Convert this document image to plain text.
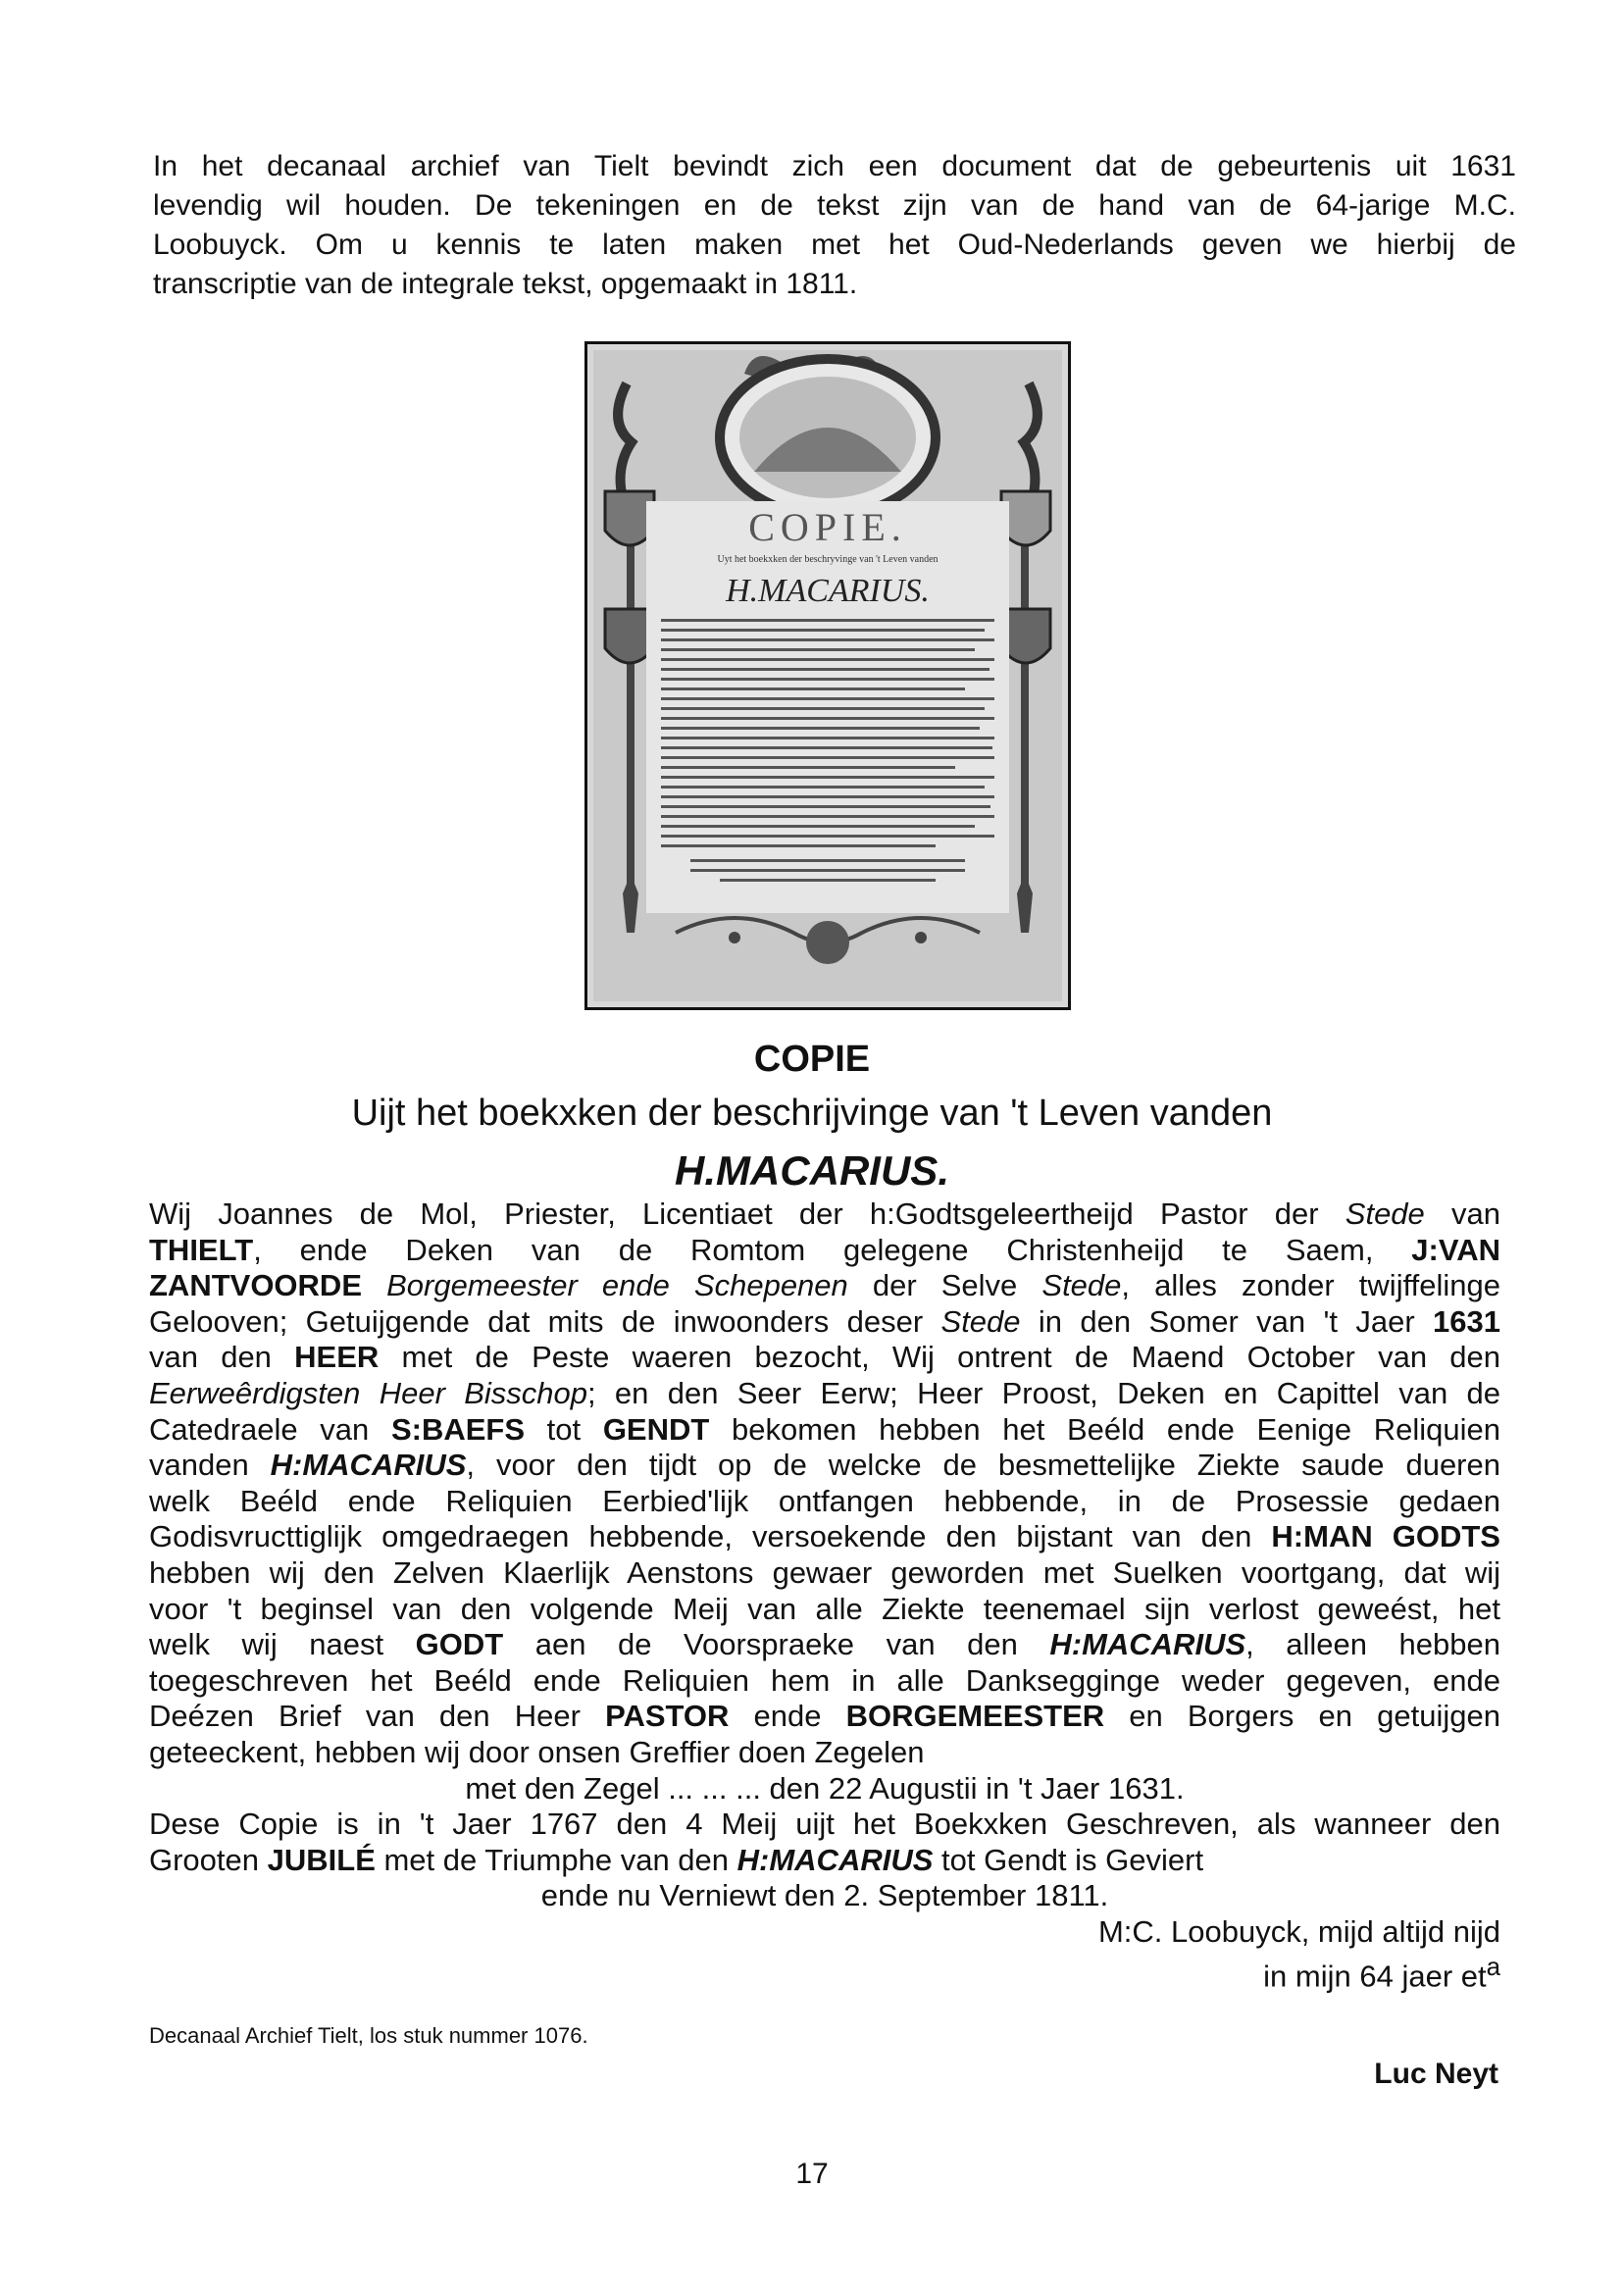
In het decanaal archief van Tielt bevindt zich een document dat de gebeurtenis uit 1631
levendig wil houden. De tekeningen en de tekst zijn van de hand van de 64-jarige M.C.
Loobuyck. Om u kennis te laten maken met het Oud-Nederlands geven we hierbij de
transcriptie van de integrale tekst, opgemaakt in 1811.
COPIE.
Uyt het boekxken der beschryvinge van 't Leven vanden
H.MACARIUS.
COPIE
Uijt het boekxken der beschrijvinge van 't Leven vanden
H.MACARIUS.
Wij Joannes de Mol, Priester, Licentiaet der h:Godtsgeleertheijd Pastor der Stede van
THIELT, ende Deken van de Romtom gelegene Christenheijd te Saem, J:VAN
ZANTVOORDE Borgemeester ende Schepenen der Selve Stede, alles zonder twijffelinge
Gelooven; Getuijgende dat mits de inwoonders deser Stede in den Somer van 't Jaer 1631
van den HEER met de Peste waeren bezocht, Wij ontrent de Maend October van den
Eerweêrdigsten Heer Bisschop; en den Seer Eerw; Heer Proost, Deken en Capittel van de
Catedraele van S:BAEFS tot GENDT bekomen hebben het Beéld ende Eenige Reliquien
vanden H:MACARIUS, voor den tijdt op de welcke de besmettelijke Ziekte saude dueren
welk Beéld ende Reliquien Eerbied'lijk ontfangen hebbende, in de Prosessie gedaen
Godisvructtiglijk omgedraegen hebbende, versoekende den bijstant van den H:MAN GODTS
hebben wij den Zelven Klaerlijk Aenstons gewaer geworden met Suelken voortgang, dat wij
voor 't beginsel van den volgende Meij van alle Ziekte teenemael sijn verlost geweést, het
welk wij naest GODT aen de Voorspraeke van den H:MACARIUS, alleen hebben
toegeschreven het Beéld ende Reliquien hem in alle Danksegginge weder gegeven, ende
Deézen Brief van den Heer PASTOR ende BORGEMEESTER en Borgers en getuijgen
geteeckent, hebben wij door onsen Greffier doen Zegelen
met den Zegel ... ... ... den 22 Augustii in 't Jaer 1631.
Dese Copie is in 't Jaer 1767 den 4 Meij uijt het Boekxken Geschreven, als wanneer den
Grooten JUBILÉ met de Triumphe van den H:MACARIUS tot Gendt is Geviert
ende nu Verniewt den 2. September 1811.
M:C. Loobuyck, mijd altijd nijd
in mijn 64 jaer $et^a$
Decanaal Archief Tielt, los stuk nummer 1076.
Luc Neyt
17
